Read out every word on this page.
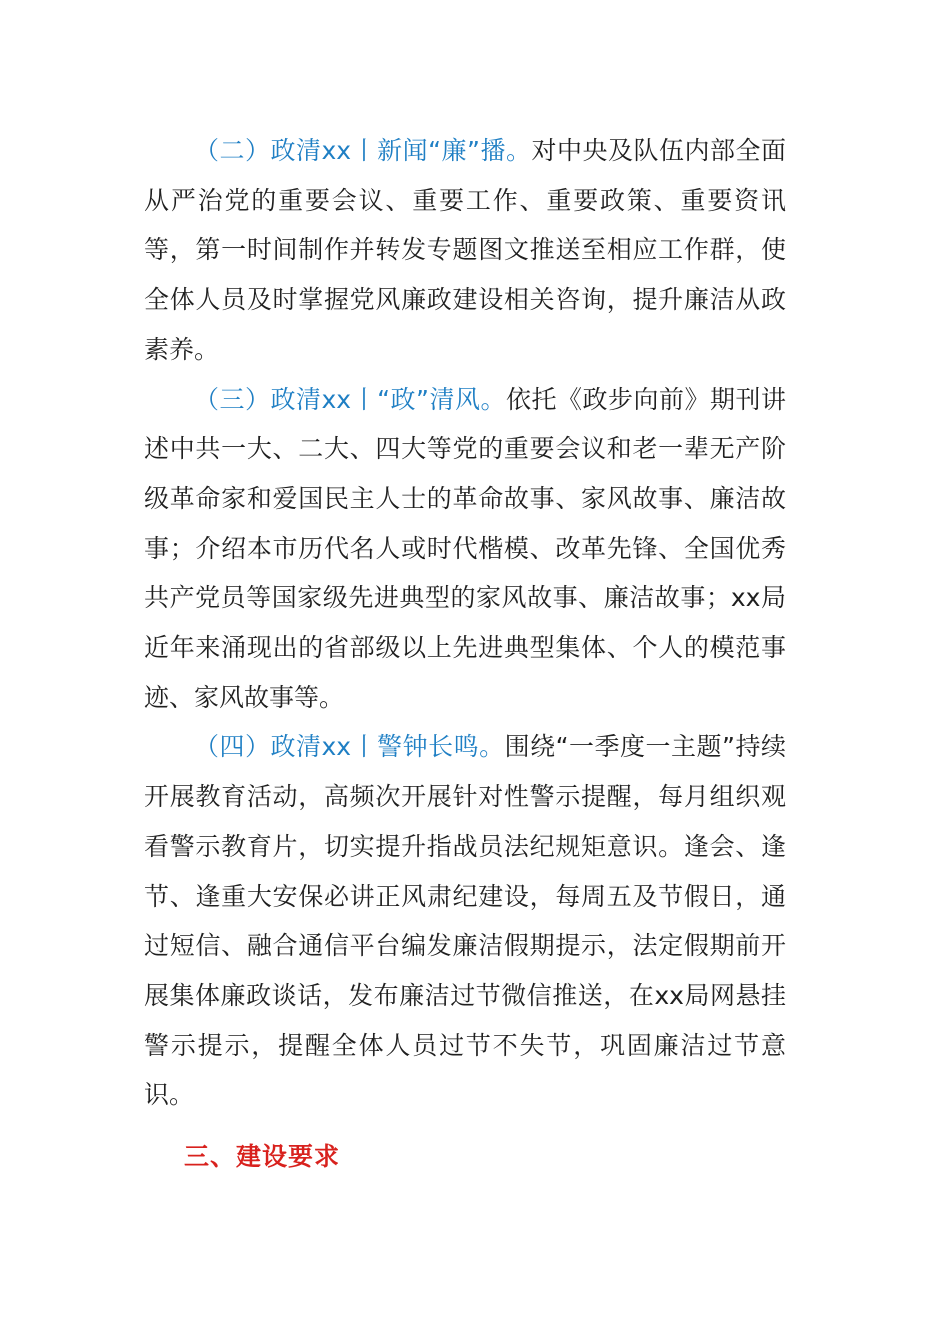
（二）政清xx丨新闻“廉”播。对中央及队伍内部全面从严治党的重要会议、重要工作、重要政策、重要资讯等，第一时间制作并转发专题图文推送至相应工作群，使全体人员及时掌握党风廉政建设相关咨询，提升廉洁从政素养。

（三）政清xx丨“政”清风。依托《政步向前》期刊讲述中共一大、二大、四大等党的重要会议和老一辈无产阶级革命家和爱国民主人士的革命故事、家风故事、廉洁故事；介绍本市历代名人或时代楷模、改革先锋、全国优秀共产党员等国家级先进典型的家风故事、廉洁故事；xx局近年来涌现出的省部级以上先进典型集体、个人的模范事迹、家风故事等。

（四）政清xx丨警钟长鸣。围绕“一季度一主题”持续开展教育活动，高频次开展针对性警示提醒，每月组织观看警示教育片，切实提升指战员法纪规矩意识。逢会、逢节、逢重大安保必讲正风肃纪建设，每周五及节假日，通过短信、融合通信平台编发廉洁假期提示，法定假期前开展集体廉政谈话，发布廉洁过节微信推送，在xx局网悬挂警示提示，提醒全体人员过节不失节，巩固廉洁过节意识。

三、建设要求
